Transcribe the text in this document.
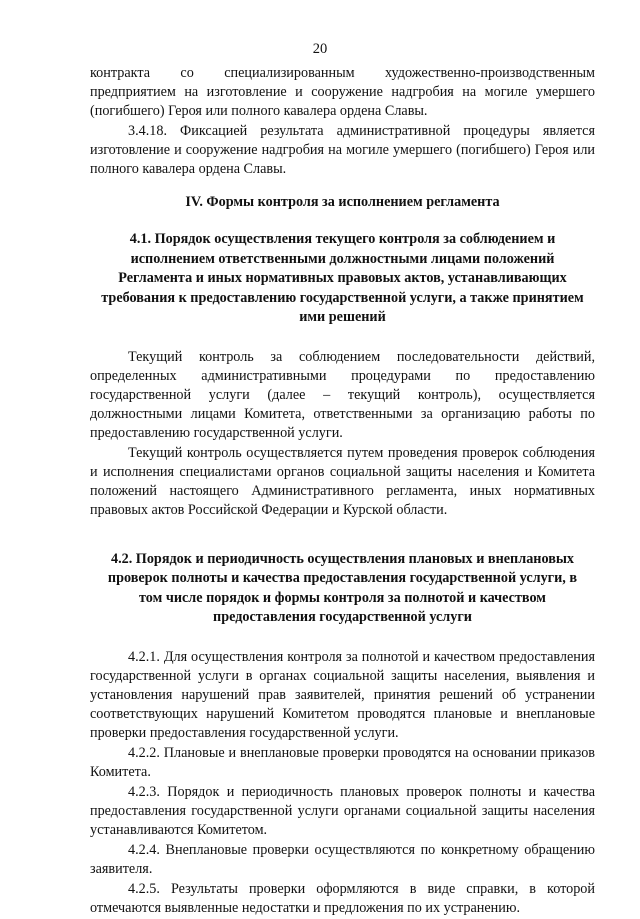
20

контракта со специализированным художественно-производственным предприятием на изготовление и сооружение надгробия на могиле умершего (погибшего) Героя или полного кавалера ордена Славы.

3.4.18. Фиксацией результата административной процедуры является изготовление и сооружение надгробия на могиле умершего (погибшего) Героя или полного кавалера ордена Славы.

IV. Формы контроля за исполнением регламента
4.1. Порядок осуществления текущего контроля за соблюдением и исполнением ответственными должностными лицами положений Регламента и иных нормативных правовых актов, устанавливающих требования к предоставлению государственной услуги, а также принятием ими решений

Текущий контроль за соблюдением последовательности действий, определенных административными процедурами по предоставлению государственной услуги (далее – текущий контроль), осуществляется должностными лицами Комитета, ответственными за организацию работы по предоставлению государственной услуги.

Текущий контроль осуществляется путем проведения проверок соблюдения и исполнения специалистами органов социальной защиты населения и Комитета положений настоящего Административного регламента, иных нормативных правовых актов Российской Федерации и Курской области.

4.2. Порядок и периодичность осуществления плановых и внеплановых проверок полноты и качества предоставления государственной услуги, в том числе порядок и формы контроля за полнотой и качеством предоставления государственной услуги

4.2.1. Для осуществления контроля за полнотой и качеством предоставления государственной услуги в органах социальной защиты населения, выявления и установления нарушений прав заявителей, принятия решений об устранении соответствующих нарушений Комитетом проводятся плановые и внеплановые проверки предоставления государственной услуги.

4.2.2. Плановые и внеплановые проверки проводятся на основании приказов Комитета.

4.2.3. Порядок и периодичность плановых проверок полноты и качества предоставления государственной услуги органами социальной защиты населения устанавливаются Комитетом.

4.2.4. Внеплановые проверки осуществляются по конкретному обращению заявителя.

4.2.5. Результаты проверки оформляются в виде справки, в которой отмечаются выявленные недостатки и предложения по их устранению.
